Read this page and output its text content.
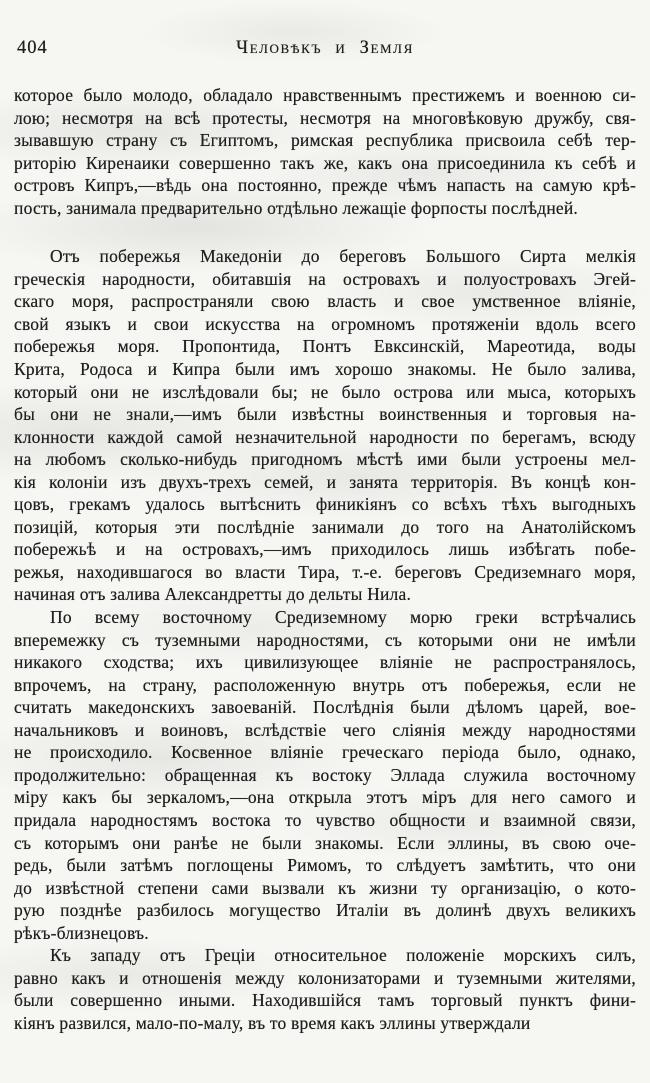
404	Человѣкъ и Земля
которое было молодо, обладало нравственнымъ престижемъ и военною си-
лою; несмотря на всѣ протесты, несмотря на многовѣковую дружбу, свя-
зывавшую страну съ Египтомъ, римская республика присвоила себѣ тер-
риторію Киренаики совершенно такъ же, какъ она присоединила къ себѣ и
островъ Кипръ,—вѣдь она постоянно, прежде чѣмъ напасть на самую крѣ-
пость, занимала предварительно отдѣльно лежащіе форпосты послѣдней.
Отъ побережья Македоніи до береговъ Большого Сирта мелкія
греческія народности, обитавшія на островахъ и полуостровахъ Эгей-
скаго моря, распространяли свою власть и свое умственное вліяніе,
свой языкъ и свои искусства на огромномъ протяженіи вдоль всего
побережья моря. Пропонтида, Понтъ Евксинскій, Мареотида, воды
Крита, Родоса и Кипра были имъ хорошо знакомы. Не было залива,
который они не изслѣдовали бы; не было острова или мыса, которыхъ
бы они не знали,—имъ были извѣстны воинственныя и торговыя на-
клонности каждой самой незначительной народности по берегамъ, всюду
на любомъ сколько-нибудь пригодномъ мѣстѣ ими были устроены мел-
кія колоніи изъ двухъ-трехъ семей, и занята территорія. Въ концѣ кон-
цовъ, грекамъ удалось вытѣснить финикіянъ со всѣхъ тѣхъ выгодныхъ
позицій, которыя эти послѣдніе занимали до того на Анатолійскомъ
побережьѣ и на островахъ,—имъ приходилось лишь избѣгать побе-
режья, находившагося во власти Тира, т.-е. береговъ Средиземнаго моря,
начиная отъ залива Александретты до дельты Нила.
По всему восточному Средиземному морю греки встрѣчались
вперемежку съ туземными народностями, съ которыми они не имѣли
никакого сходства; ихъ цивилизующее вліяніе не распространялось,
впрочемъ, на страну, расположенную внутрь отъ побережья, если не
считать македонскихъ завоеваній. Послѣднія были дѣломъ царей, вое-
начальниковъ и воиновъ, вслѣдствіе чего сліянія между народностями
не происходило. Косвенное вліяніе греческаго періода было, однако,
продолжительно: обращенная къ востоку Эллада служила восточному
міру какъ бы зеркаломъ,—она открыла этотъ міръ для него самого и
придала народностямъ востока то чувство общности и взаимной связи,
съ которымъ они ранѣе не были знакомы. Если эллины, въ свою оче-
редь, были затѣмъ поглощены Римомъ, то слѣдуетъ замѣтить, что они
до извѣстной степени сами вызвали къ жизни ту организацію, о кото-
рую позднѣе разбилось могущество Италіи въ долинѣ двухъ великихъ
рѣкъ-близнецовъ.
Къ западу отъ Греціи относительное положеніе морскихъ силъ,
равно какъ и отношенія между колонизаторами и туземными жителями,
были совершенно иными. Находившійся тамъ торговый пунктъ фини-
кіянъ развился, мало-по-малу, въ то время какъ эллины утверждали
